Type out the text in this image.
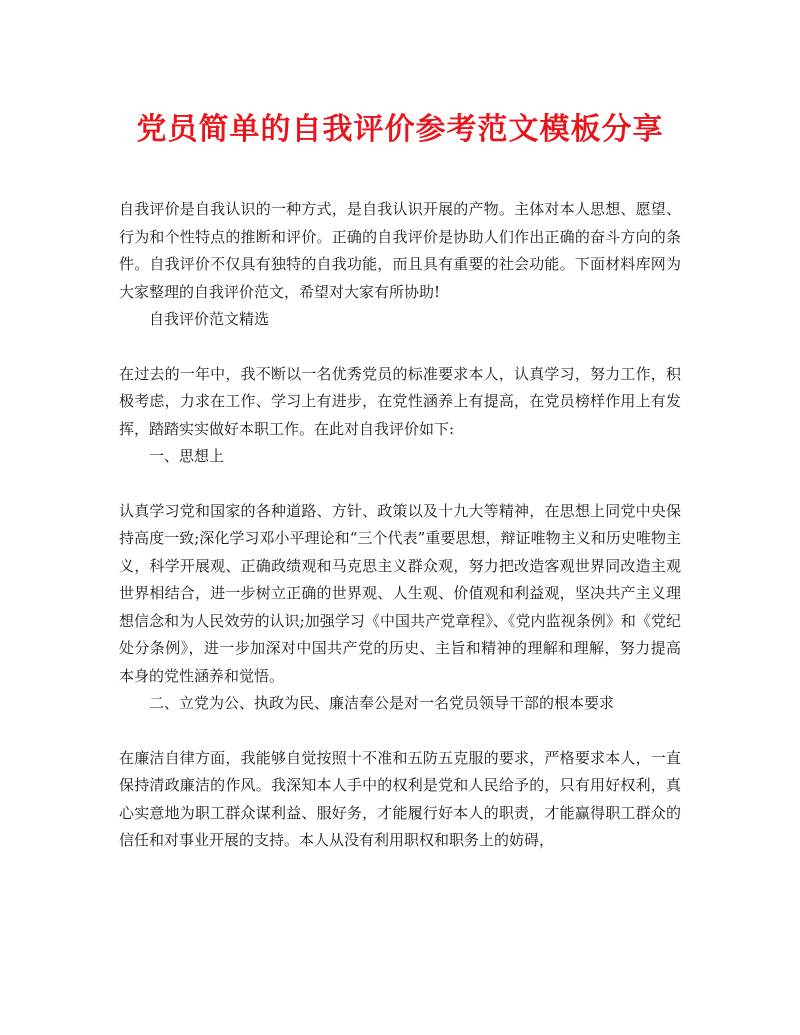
党员简单的自我评价参考范文模板分享

自我评价是自我认识的一种方式，是自我认识开展的产物。主体对本人思想、愿望、行为和个性特点的推断和评价。正确的自我评价是协助人们作出正确的奋斗方向的条件。自我评价不仅具有独特的自我功能，而且具有重要的社会功能。下面材料库网为大家整理的自我评价范文，希望对大家有所协助!

自我评价范文精选

在过去的一年中，我不断以一名优秀党员的标准要求本人，认真学习，努力工作，积极考虑，力求在工作、学习上有进步，在党性涵养上有提高，在党员榜样作用上有发挥，踏踏实实做好本职工作。在此对自我评价如下:

一、思想上

认真学习党和国家的各种道路、方针、政策以及十九大等精神，在思想上同党中央保持高度一致;深化学习邓小平理论和“三个代表”重要思想，辩证唯物主义和历史唯物主义，科学开展观、正确政绩观和马克思主义群众观，努力把改造客观世界同改造主观世界相结合，进一步树立正确的世界观、人生观、价值观和利益观，坚决共产主义理想信念和为人民效劳的认识;加强学习《中国共产党章程》、《党内监视条例》和《党纪处分条例》，进一步加深对中国共产党的历史、主旨和精神的理解和理解，努力提高本身的党性涵养和觉悟。

二、立党为公、执政为民、廉洁奉公是对一名党员领导干部的根本要求

在廉洁自律方面，我能够自觉按照十不准和五防五克服的要求，严格要求本人，一直保持清政廉洁的作风。我深知本人手中的权利是党和人民给予的，只有用好权利，真心实意地为职工群众谋利益、服好务，才能履行好本人的职责，才能赢得职工群众的信任和对事业开展的支持。本人从没有利用职权和职务上的妨碍，
